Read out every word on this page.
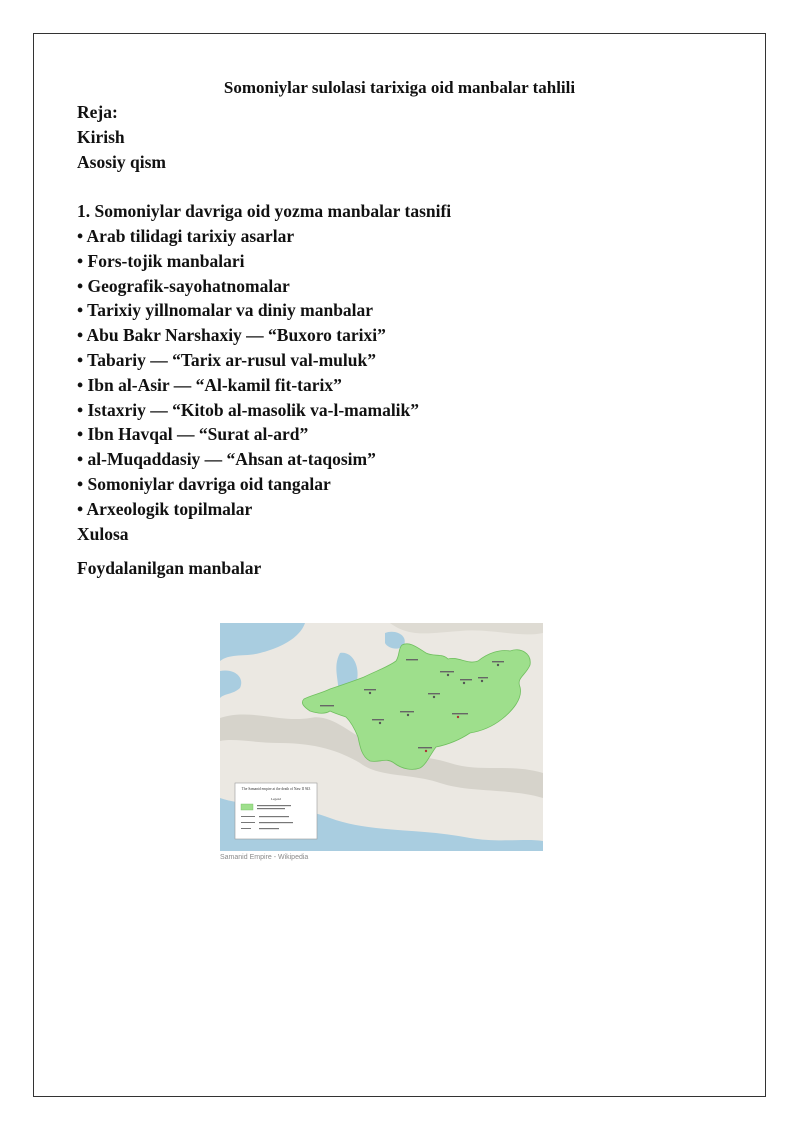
Somoniylar sulolasi tarixiga oid manbalar tahlili
Reja:
Kirish
Asosiy qism
1. Somoniylar davriga oid yozma manbalar tasnifi
• Arab tilidagi tarixiy asarlar
• Fors-tojik manbalari
• Geografik-sayohatnomalar
• Tarixiy yillnomalar va diniy manbalar
• Abu Bakr Narshaxiy — “Buxoro tarixi”
• Tabariy — “Tarix ar-rusul val-muluk”
• Ibn al-Asir — “Al-kamil fit-tarix”
• Istaxriy — “Kitob al-masolik va-l-mamalik”
• Ibn Havqal — “Surat al-ard”
• al-Muqaddasiy — “Ahsan at-taqosim”
• Somoniylar davriga oid tangalar
• Arxeologik topilmalar
Xulosa
Foydalanilgan manbalar
The Samanid empire at the death of Nasr II 943
Legend
Samanid Empire - Wikipedia
